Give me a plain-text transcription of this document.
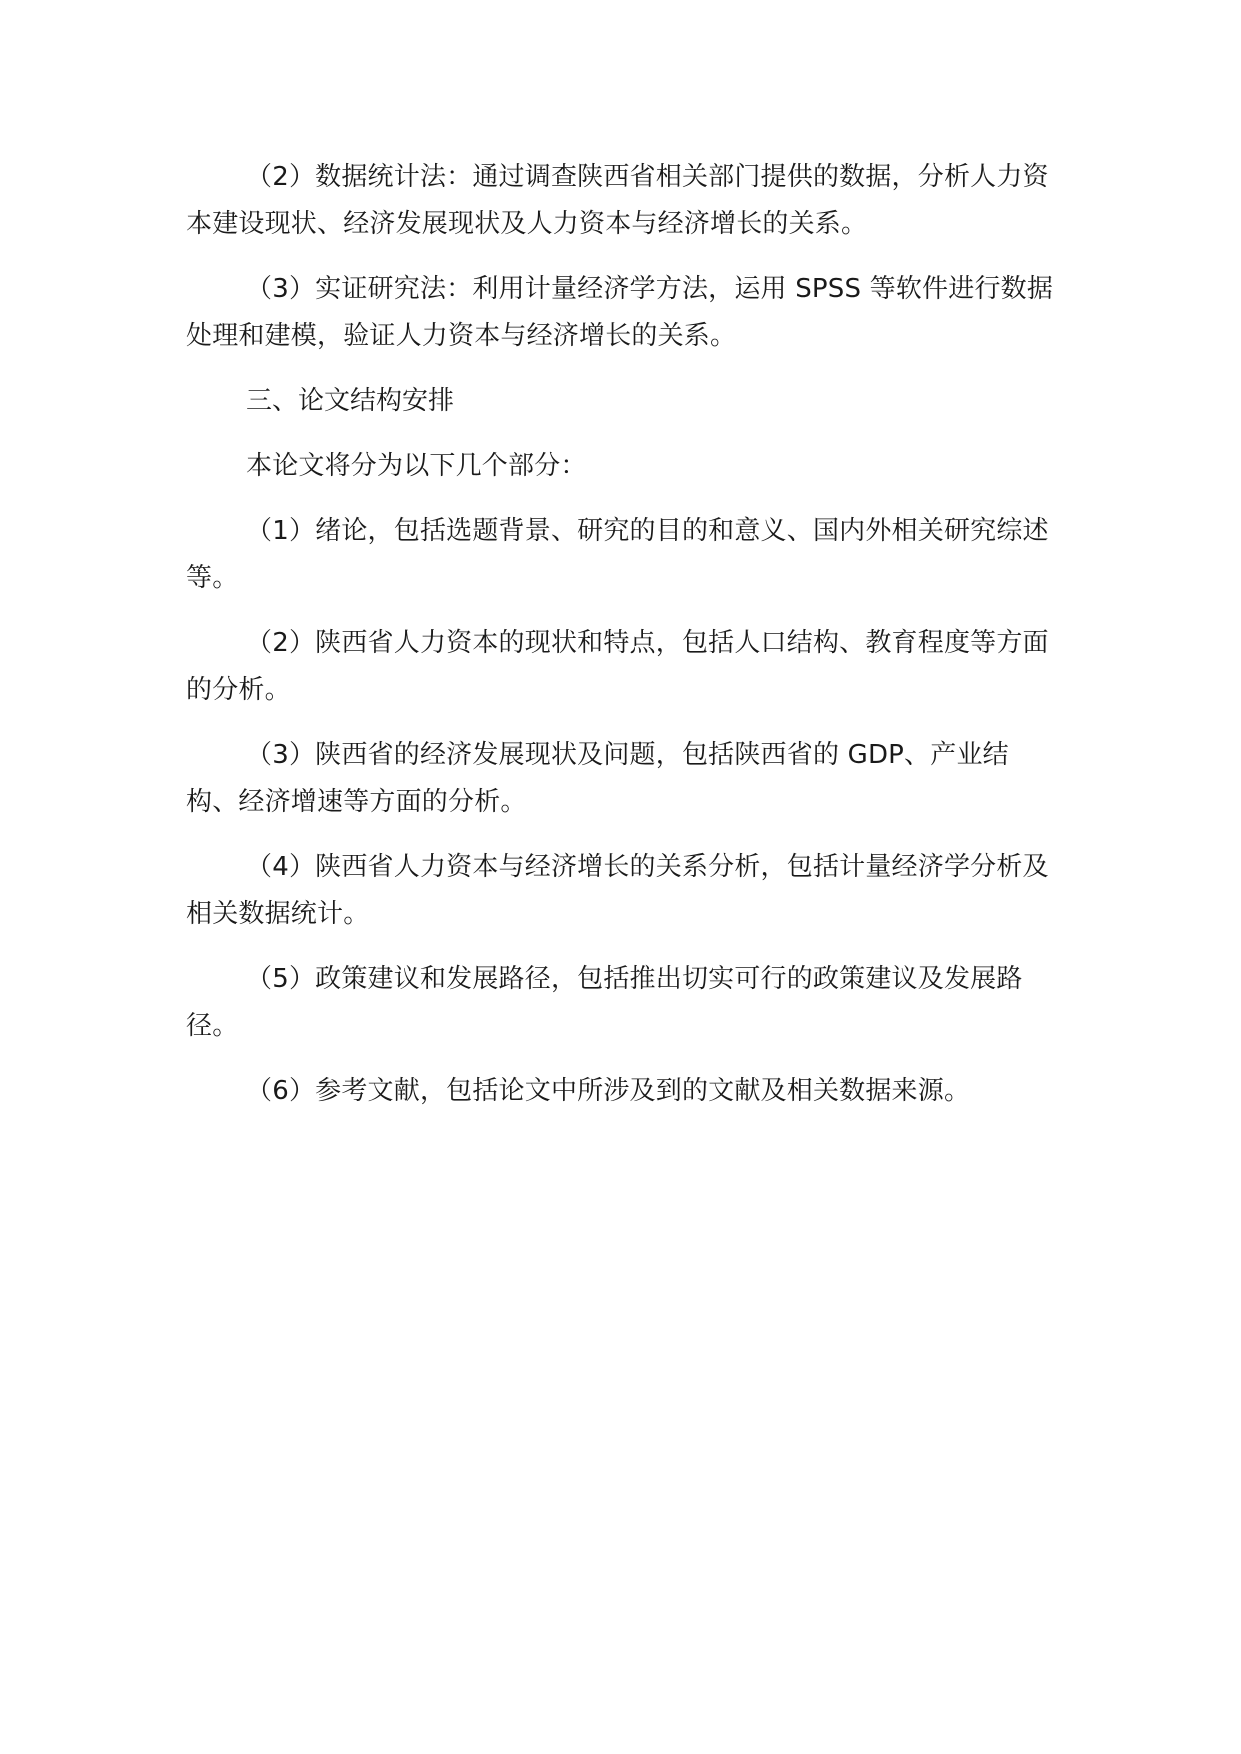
（2）数据统计法：通过调查陕西省相关部门提供的数据，分析人力资本建设现状、经济发展现状及人力资本与经济增长的关系。

（3）实证研究法：利用计量经济学方法，运用 SPSS 等软件进行数据处理和建模，验证人力资本与经济增长的关系。

三、论文结构安排

本论文将分为以下几个部分：

（1）绪论，包括选题背景、研究的目的和意义、国内外相关研究综述等。

（2）陕西省人力资本的现状和特点，包括人口结构、教育程度等方面的分析。

（3）陕西省的经济发展现状及问题，包括陕西省的 GDP、产业结构、经济增速等方面的分析。

（4）陕西省人力资本与经济增长的关系分析，包括计量经济学分析及相关数据统计。

（5）政策建议和发展路径，包括推出切实可行的政策建议及发展路径。

（6）参考文献，包括论文中所涉及到的文献及相关数据来源。
